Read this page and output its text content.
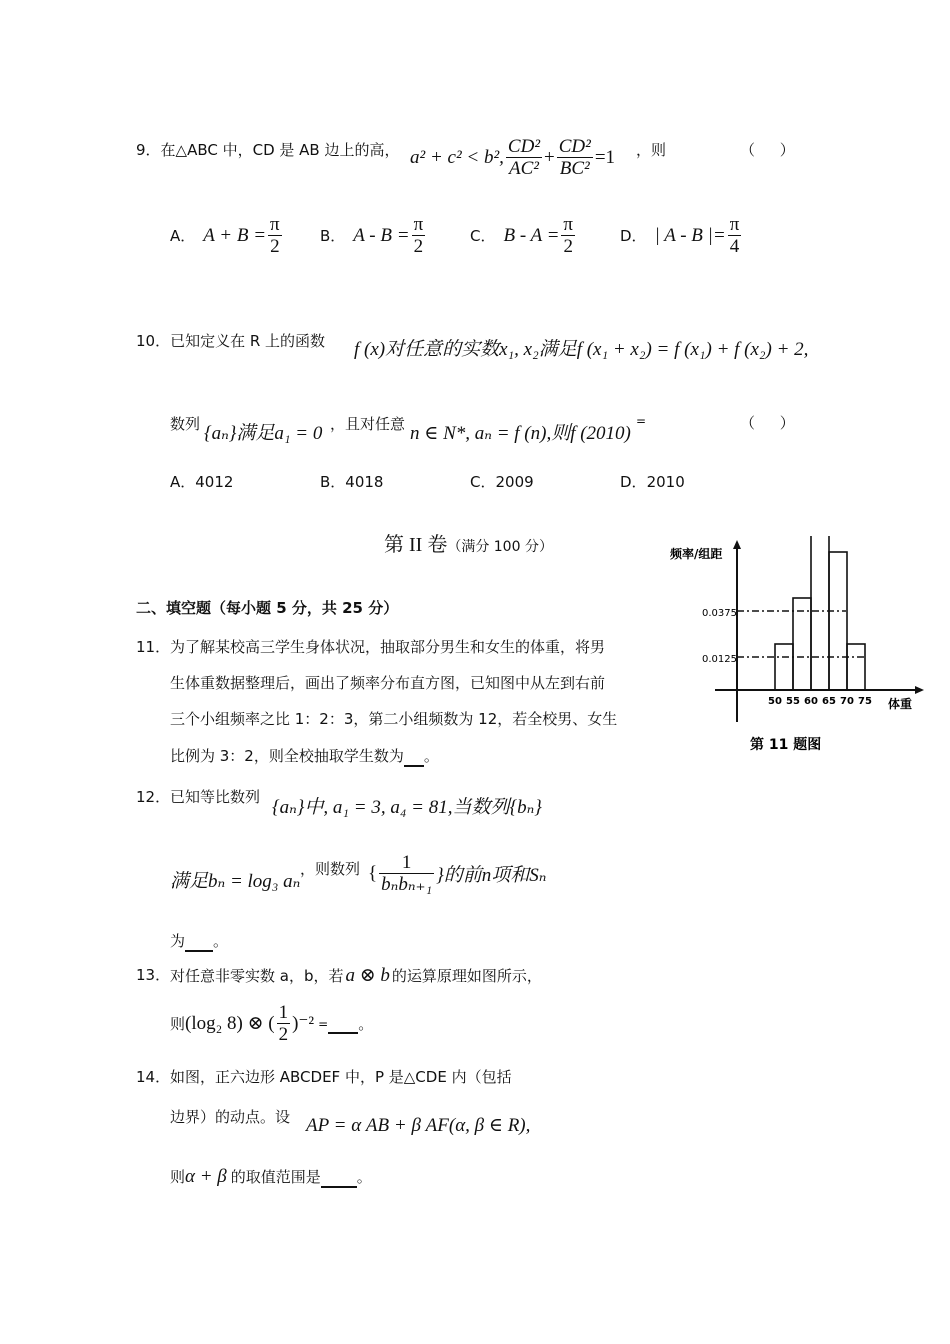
9．在△ABC 中，CD 是 AB 边上的高， a² + c² < b², $\frac{\text{CD²}}{\text{AC²}} + \frac{\text{CD²}}{\text{BC²}} =1$ ，则	（ ）
A． $A + B = \frac{\pi}{2}$	B． $A - B = \frac{\pi}{2}$	C． $B - A = \frac{\pi}{2}$	D． | A - B |= $\frac{\pi}{4}$
10．已知定义在 R 上的函数 f (x)对任意的实数x₁, x₂满足f (x₁ + x₂) = f (x₁) + f (x₂) + 2,
数列 {aₙ}满足a₁ = 0 ，且对任意 n ∈ N*, aₙ = f (n),则f (2010)
=	（ ）
A．4012	B．4018	C．2009	D．2010
第 II 卷（满分 100 分）
二、填空题（每小题 5 分，共 25 分）
11． 为了解某校高三学生身体状况，抽取部分男生和女生的体重，将男
生体重数据整理后，画出了频率分布直方图，已知图中从左到右前
三个小组频率之比 1：2：3，第二小组频数为 12，若全校男、女生
比例为 3：2，则全校抽取学生数为 。
频率/组距
体重
0.0375
0.0125
50 55 60 65 70 75
第 11 题图
12． 已知等比数列 {aₙ}中, a₁ = 3, a₄ = 81,当数列{bₙ}
满足bₙ = log₃ aₙ
，则数列 { $\frac{1}{\text{bₙbₙ₊₁}}$ }的前n项和Sₙ
为 。
13． 对任意非零实数 a，b，若 a ⊗ b 的运算原理如图所示，
则 (log₂ 8) ⊗ ( $\frac{1}{2} )^{-2}$ =
。
14． 如图，正六边形 ABCDEF 中，P 是△CDE 内（包括
边界）的动点。设 AP = α AB + β AF(α, β ∈ R),
则 α + β 的取值范围是
。
